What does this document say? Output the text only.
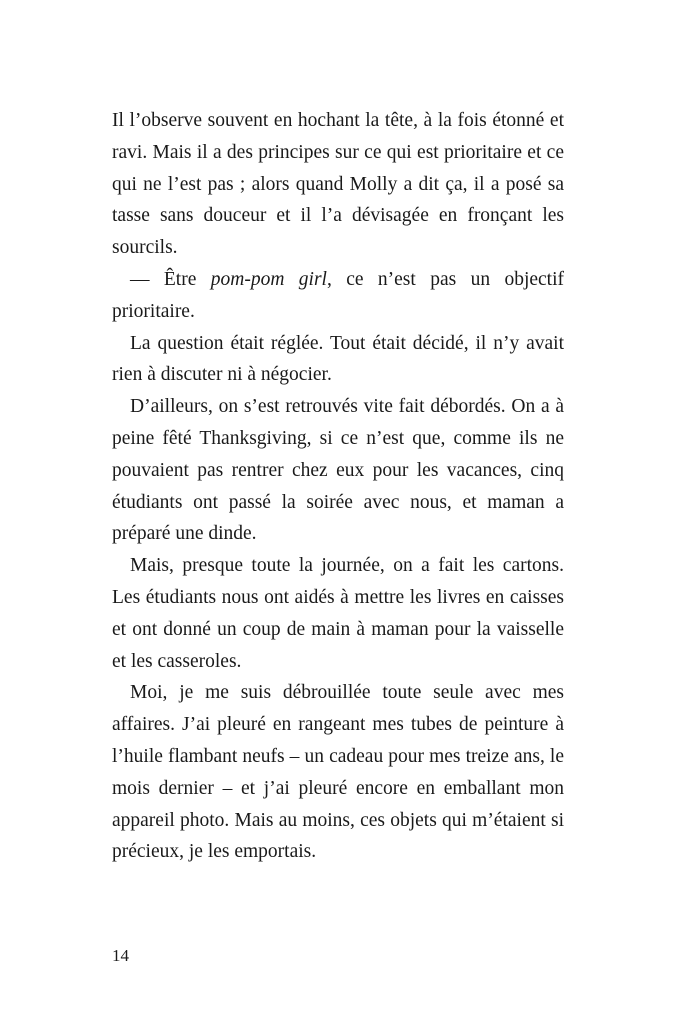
Il l’observe souvent en hochant la tête, à la fois étonné et ravi. Mais il a des principes sur ce qui est prioritaire et ce qui ne l’est pas ; alors quand Molly a dit ça, il a posé sa tasse sans douceur et il l’a dévisagée en fronçant les sourcils.

— Être pom-pom girl, ce n’est pas un objectif prioritaire.

La question était réglée. Tout était décidé, il n’y avait rien à discuter ni à négocier.

D’ailleurs, on s’est retrouvés vite fait débordés. On a à peine fêté Thanksgiving, si ce n’est que, comme ils ne pouvaient pas rentrer chez eux pour les vacances, cinq étudiants ont passé la soirée avec nous, et maman a préparé une dinde.

Mais, presque toute la journée, on a fait les cartons. Les étudiants nous ont aidés à mettre les livres en caisses et ont donné un coup de main à maman pour la vaisselle et les casseroles.

Moi, je me suis débrouillée toute seule avec mes affaires. J’ai pleuré en rangeant mes tubes de peinture à l’huile flambant neufs – un cadeau pour mes treize ans, le mois dernier – et j’ai pleuré encore en emballant mon appareil photo. Mais au moins, ces objets qui m’étaient si précieux, je les emportais.

14
